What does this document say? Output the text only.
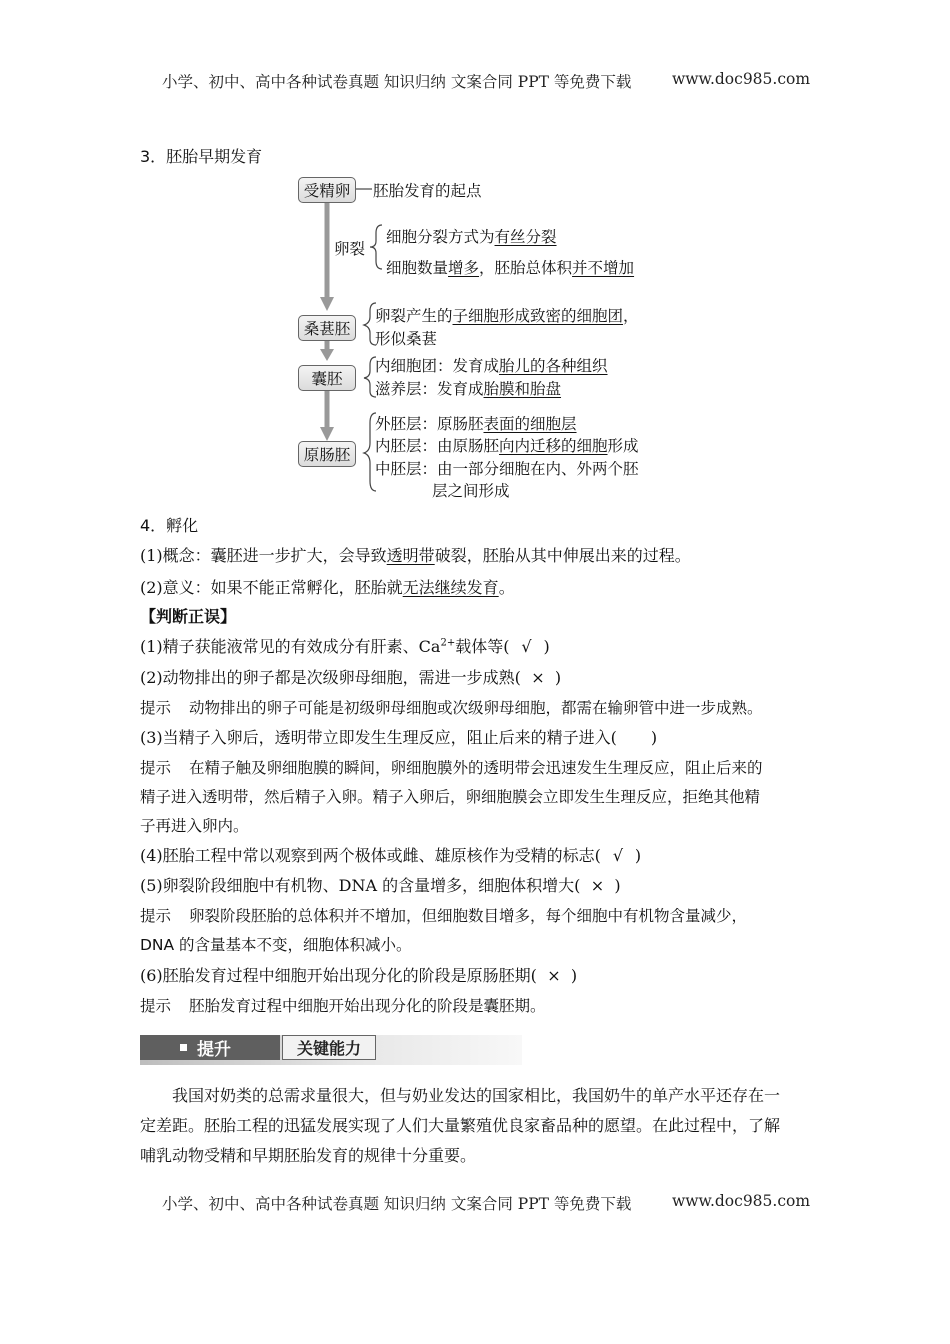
小学、初中、高中各种试卷真题 知识归纳 文案合同 PPT 等免费下载	www.doc985.com
3．胚胎早期发育
受精卵	胚胎发育的起点
卵裂
细胞分裂方式为有丝分裂
细胞数量增多，胚胎总体积并不增加
桑葚胚
卵裂产生的子细胞形成致密的细胞团，
形似桑葚
囊胚
内细胞团：发育成胎儿的各种组织
滋养层：发育成胎膜和胎盘
原肠胚
外胚层：原肠胚表面的细胞层
内胚层：由原肠胚向内迁移的细胞形成
中胚层：由一部分细胞在内、外两个胚
层之间形成
4．孵化
(1)概念：囊胚进一步扩大，会导致透明带破裂，胚胎从其中伸展出来的过程。
(2)意义：如果不能正常孵化，胚胎就无法继续发育。
【判断正误】
(1)精子获能液常见的有效成分有肝素、$Ca^{2+}$载体等( √ )
(2)动物排出的卵子都是次级卵母细胞，需进一步成熟( × )
提示 动物排出的卵子可能是初级卵母细胞或次级卵母细胞，都需在输卵管中进一步成熟。
(3)当精子入卵后，透明带立即发生生理反应，阻止后来的精子进入( )
提示 在精子触及卵细胞膜的瞬间，卵细胞膜外的透明带会迅速发生生理反应，阻止后来的
精子进入透明带，然后精子入卵。精子入卵后，卵细胞膜会立即发生生理反应，拒绝其他精
子再进入卵内。
(4)胚胎工程中常以观察到两个极体或雌、雄原核作为受精的标志( √ )
(5)卵裂阶段细胞中有机物、DNA 的含量增多，细胞体积增大( × )
提示 卵裂阶段胚胎的总体积并不增加，但细胞数目增多，每个细胞中有机物含量减少，
DNA 的含量基本不变，细胞体积减小。
(6)胚胎发育过程中细胞开始出现分化的阶段是原肠胚期( × )
提示 胚胎发育过程中细胞开始出现分化的阶段是囊胚期。
提升	关键能力
我国对奶类的总需求量很大，但与奶业发达的国家相比，我国奶牛的单产水平还存在一
定差距。胚胎工程的迅猛发展实现了人们大量繁殖优良家畜品种的愿望。在此过程中，了解
哺乳动物受精和早期胚胎发育的规律十分重要。
小学、初中、高中各种试卷真题 知识归纳 文案合同 PPT 等免费下载	www.doc985.com
